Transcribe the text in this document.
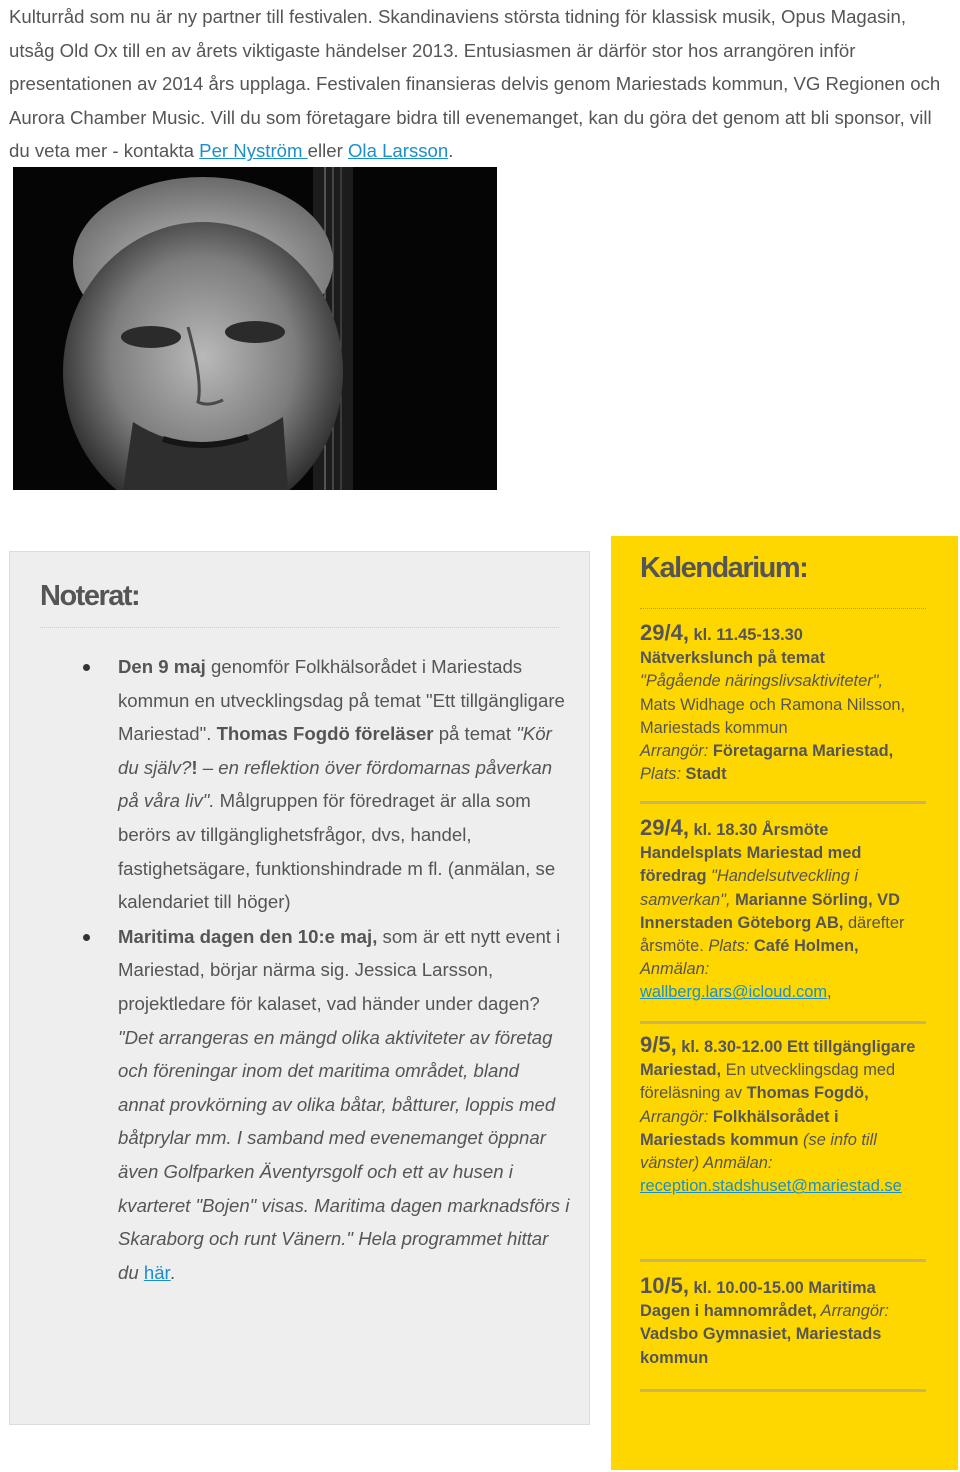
Kulturråd som nu är ny partner till festivalen. Skandinaviens största tidning för klassisk musik, Opus Magasin, utsåg Old Ox till en av årets viktigaste händelser 2013. Entusiasmen är därför stor hos arrangören inför presentationen av 2014 års upplaga. Festivalen finansieras delvis genom Mariestads kommun, VG Regionen och Aurora Chamber Music. Vill du som företagare bidra till evenemanget, kan du göra det genom att bli sponsor, vill du veta mer - kontakta Per Nyström eller Ola Larsson.
Noterat:
Den 9 maj genomför Folkhälsorådet i Mariestads kommun en utvecklingsdag på temat "Ett tillgängligare Mariestad". Thomas Fogdö föreläser på temat "Kör du själv?! – en reflektion över fördomarnas påverkan på våra liv". Målgruppen för föredraget är alla som berörs av tillgänglighetsfrågor, dvs, handel, fastighetsägare, funktionshindrade m fl. (anmälan, se kalendariet till höger)
Maritima dagen den 10:e maj, som är ett nytt event i Mariestad, börjar närma sig. Jessica Larsson, projektledare för kalaset, vad händer under dagen? "Det arrangeras en mängd olika aktiviteter av företag och föreningar inom det maritima området, bland annat provkörning av olika båtar, båtturer, loppis med båtprylar mm. I samband med evenemanget öppnar även Golfparken Äventyrsgolf och ett av husen i kvarteret "Bojen" visas. Maritima dagen marknadsförs i Skaraborg och runt Vänern." Hela programmet hittar du här.
Kalendarium:
29/4, kl. 11.45-13.30
Nätverkslunch på temat
"Pågående näringslivsaktiviteter",
Mats Widhage och Ramona Nilsson, Mariestads kommun
Arrangör: Företagarna Mariestad,
Plats: Stadt
29/4, kl. 18.30 Årsmöte Handelsplats Mariestad med föredrag "Handelsutveckling i samverkan", Marianne Sörling, VD Innerstaden Göteborg AB, därefter årsmöte. Plats: Café Holmen, Anmälan:
wallberg.lars@icloud.com,
9/5, kl. 8.30-12.00 Ett tillgängligare Mariestad, En utvecklingsdag med föreläsning av Thomas Fogdö,
Arrangör: Folkhälsorådet i Mariestads kommun (se info till vänster) Anmälan:
reception.stadshuset@mariestad.se
10/5, kl. 10.00-15.00 Maritima Dagen i hamnområdet, Arrangör: Vadsbo Gymnasiet, Mariestads kommun
